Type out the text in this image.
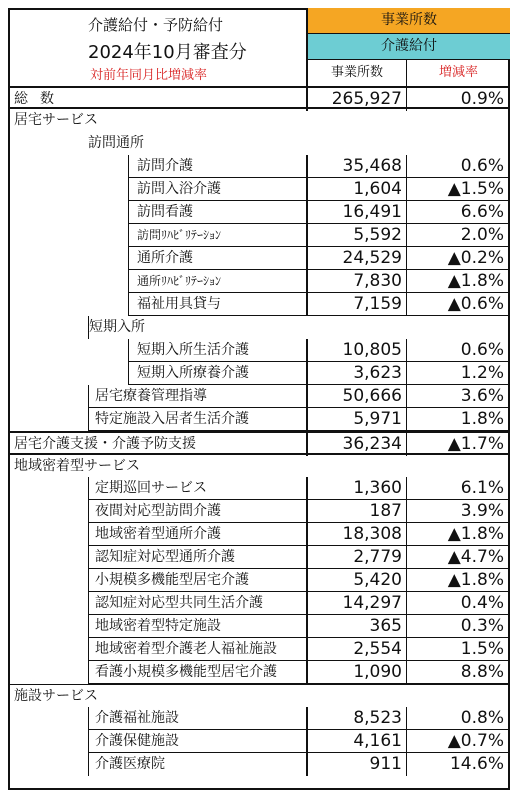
介護給付・予防給付
2024年10月審査分
対前年同月比増減率
事業所数
介護給付
事業所数	増減率
総数	265,927	0.9%
居宅サービス
訪問通所
訪問介護	35,468	0.6%
訪問入浴介護	1,604	▲1.5%
訪問看護	16,491	6.6%
訪問ﾘﾊﾋﾞﾘﾃｰｼｮﾝ	5,592	2.0%
通所介護	24,529	▲0.2%
通所ﾘﾊﾋﾞﾘﾃｰｼｮﾝ	7,830	▲1.8%
福祉用具貸与	7,159	▲0.6%
短期入所
短期入所生活介護	10,805	0.6%
短期入所療養介護	3,623	1.2%
居宅療養管理指導	50,666	3.6%
特定施設入居者生活介護	5,971	1.8%
居宅介護支援・介護予防支援	36,234	▲1.7%
地域密着型サービス
定期巡回サービス	1,360	6.1%
夜間対応型訪問介護	187	3.9%
地域密着型通所介護	18,308	▲1.8%
認知症対応型通所介護	2,779	▲4.7%
小規模多機能型居宅介護	5,420	▲1.8%
認知症対応型共同生活介護	14,297	0.4%
地域密着型特定施設	365	0.3%
地域密着型介護老人福祉施設	2,554	1.5%
看護小規模多機能型居宅介護	1,090	8.8%
施設サービス
介護福祉施設	8,523	0.8%
介護保健施設	4,161	▲0.7%
介護医療院	911	14.6%
